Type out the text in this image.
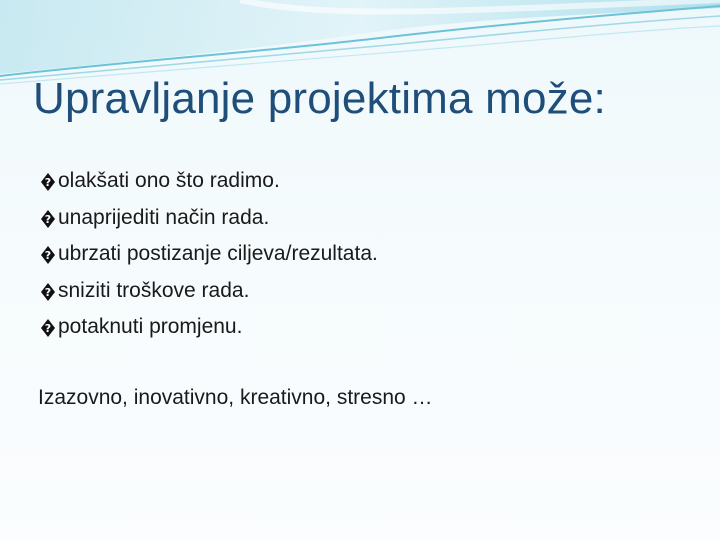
Upravljanje projektima može:
? olakšati ono što radimo.
? unaprijediti način rada.
? ubrzati postizanje ciljeva/rezultata.
? sniziti troškove rada.
? potaknuti promjenu.

Izazovno, inovativno, kreativno, stresno …
